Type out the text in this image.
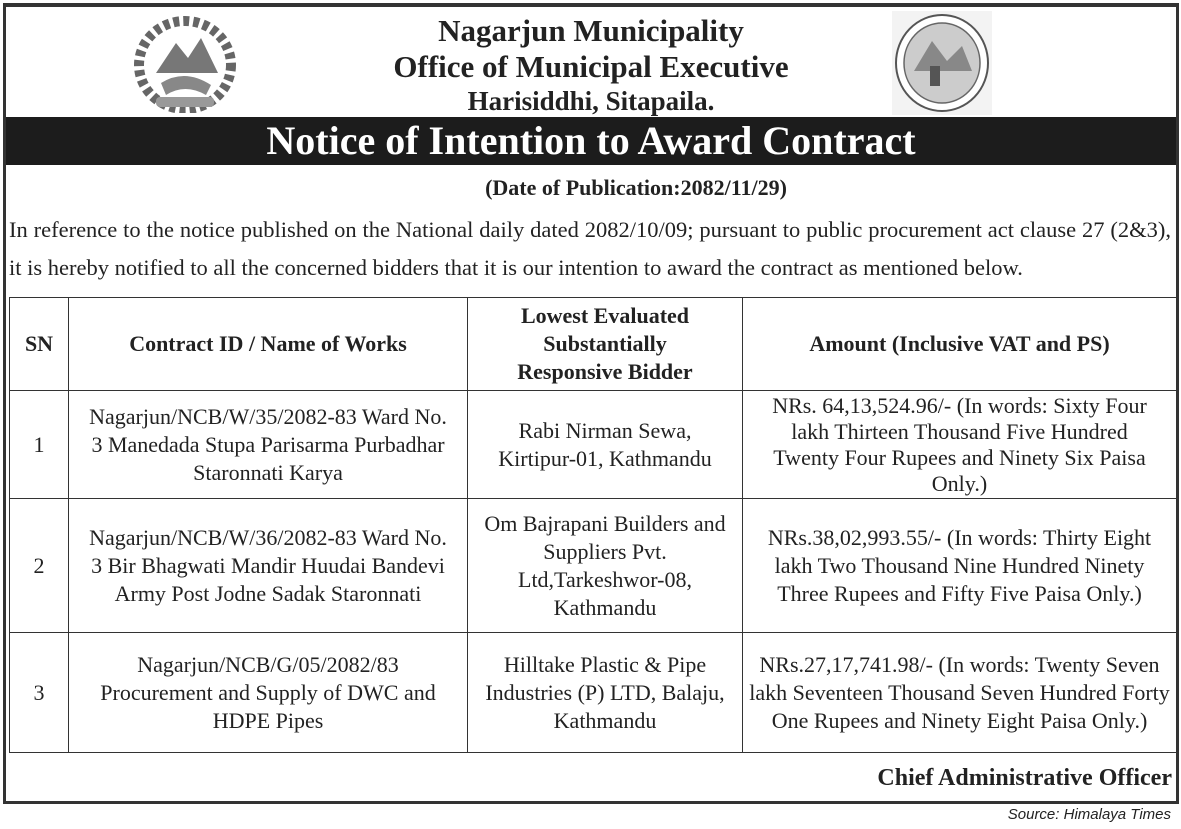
Nagarjun Municipality
Office of Municipal Executive
Harisiddhi, Sitapaila.
Notice of Intention to Award Contract
(Date of Publication:2082/11/29)
In reference to the notice published on the National daily dated 2082/10/09; pursuant to public procurement act clause 27 (2&3), it is hereby notified to all the concerned bidders that it is our intention to award the contract as mentioned below.
SN	Contract ID / Name of Works	Lowest Evaluated Substantially Responsive Bidder	Amount (Inclusive VAT and PS)
1	Nagarjun/NCB/W/35/2082-83 Ward No. 3 Manedada Stupa Parisarma Purbadhar Staronnati Karya	Rabi Nirman Sewa, Kirtipur-01, Kathmandu	NRs. 64,13,524.96/- (In words: Sixty Four lakh Thirteen Thousand Five Hundred Twenty Four Rupees and Ninety Six Paisa Only.)
2	Nagarjun/NCB/W/36/2082-83 Ward No. 3 Bir Bhagwati Mandir Huudai Bandevi Army Post Jodne Sadak Staronnati	Om Bajrapani Builders and Suppliers Pvt. Ltd,Tarkeshwor-08, Kathmandu	NRs.38,02,993.55/- (In words: Thirty Eight lakh Two Thousand Nine Hundred Ninety Three Rupees and Fifty Five Paisa Only.)
3	Nagarjun/NCB/G/05/2082/83 Procurement and Supply of DWC and HDPE Pipes	Hilltake Plastic & Pipe Industries (P) LTD, Balaju, Kathmandu	NRs.27,17,741.98/- (In words: Twenty Seven lakh Seventeen Thousand Seven Hundred Forty One Rupees and Ninety Eight Paisa Only.)
Chief Administrative Officer
Source: Himalaya Times
